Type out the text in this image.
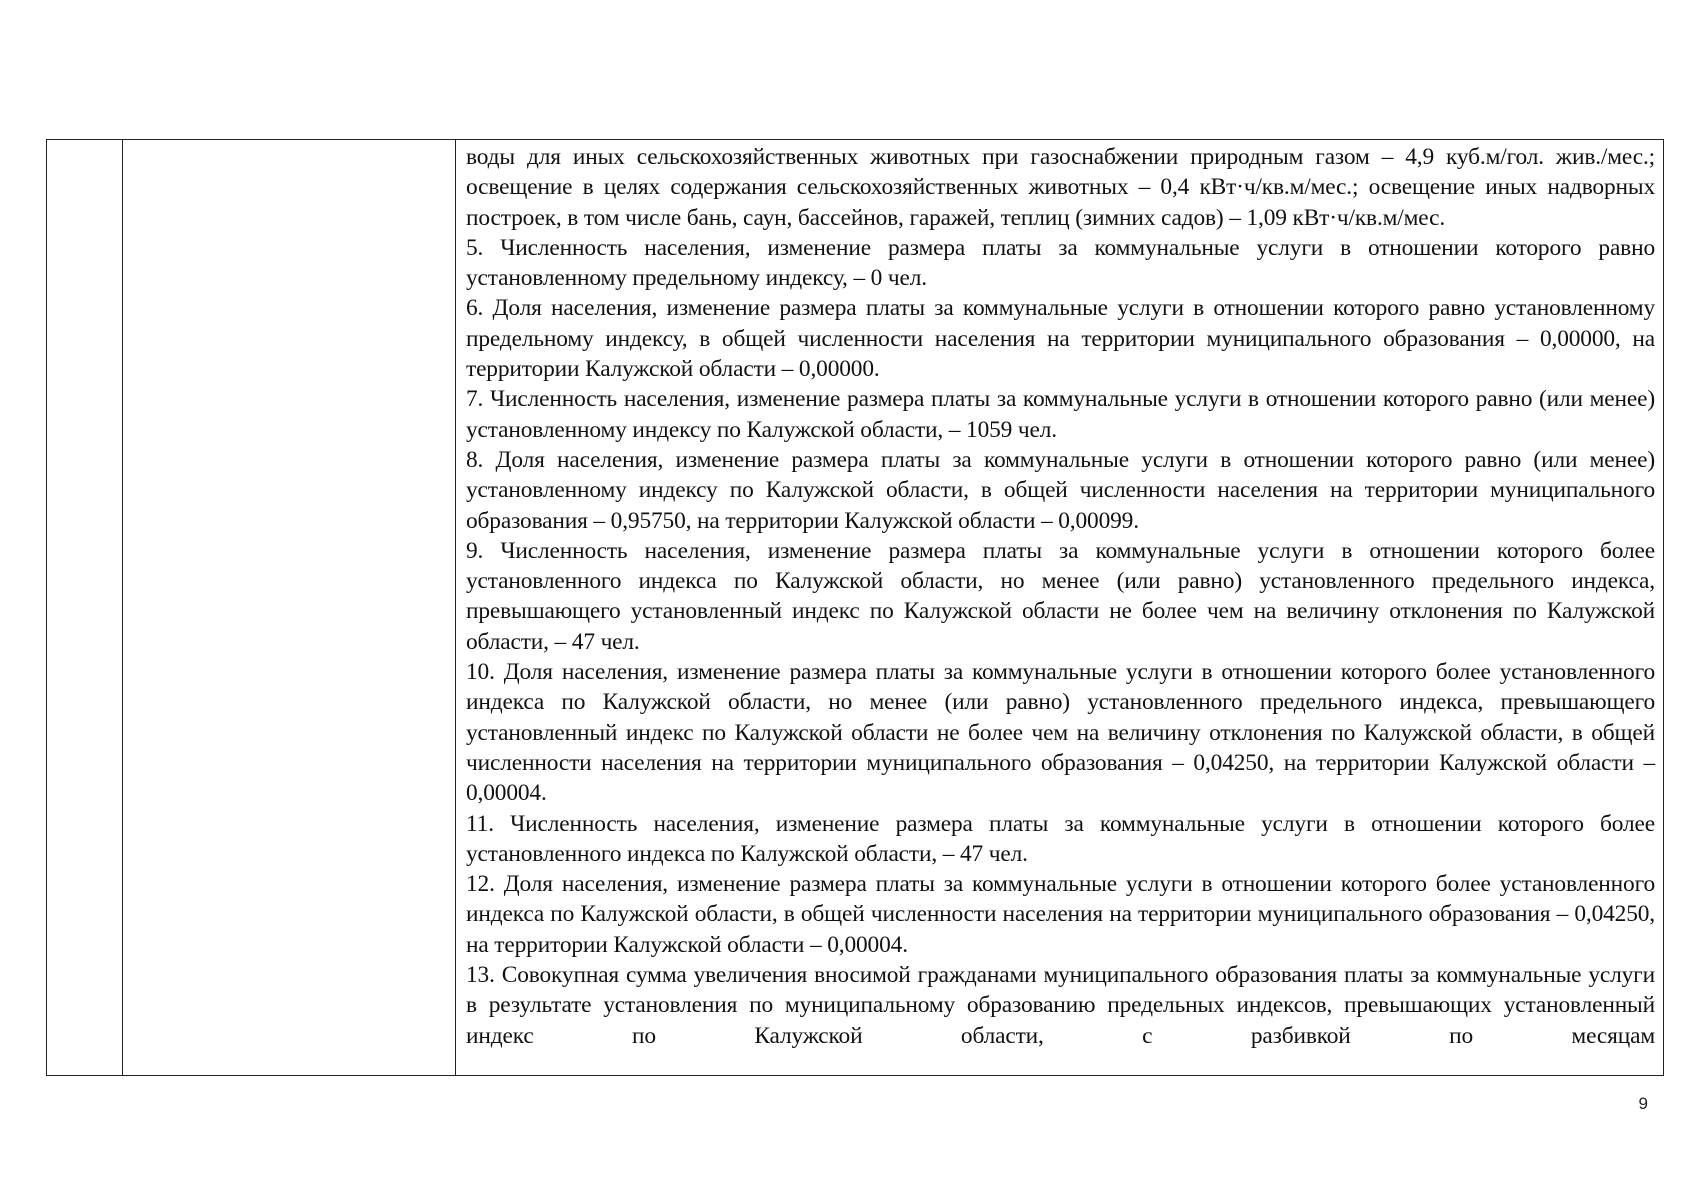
воды для иных сельскохозяйственных животных при газоснабжении природным газом – 4,9 куб.м/гол. жив./мес.; освещение в целях содержания сельскохозяйственных животных – 0,4 кВт·ч/кв.м/мес.; освещение иных надворных построек, в том числе бань, саун, бассейнов, гаражей, теплиц (зимних садов) – 1,09 кВт·ч/кв.м/мес.

5. Численность населения, изменение размера платы за коммунальные услуги в отношении которого равно установленному предельному индексу, – 0 чел.

6. Доля населения, изменение размера платы за коммунальные услуги в отношении которого равно установленному предельному индексу, в общей численности населения на территории муниципального образования – 0,00000, на территории Калужской области – 0,00000.

7. Численность населения, изменение размера платы за коммунальные услуги в отношении которого равно (или менее) установленному индексу по Калужской области, – 1059 чел.

8. Доля населения, изменение размера платы за коммунальные услуги в отношении которого равно (или менее) установленному индексу по Калужской области, в общей численности населения на территории муниципального образования – 0,95750, на территории Калужской области – 0,00099.

9. Численность населения, изменение размера платы за коммунальные услуги в отношении которого более установленного индекса по Калужской области, но менее (или равно) установленного предельного индекса, превышающего установленный индекс по Калужской области не более чем на величину отклонения по Калужской области, – 47 чел.

10. Доля населения, изменение размера платы за коммунальные услуги в отношении которого более установленного индекса по Калужской области, но менее (или равно) установленного предельного индекса, превышающего установленный индекс по Калужской области не более чем на величину отклонения по Калужской области, в общей численности населения на территории муниципального образования – 0,04250, на территории Калужской области – 0,00004.

11. Численность населения, изменение размера платы за коммунальные услуги в отношении которого более установленного индекса по Калужской области, – 47 чел.

12. Доля населения, изменение размера платы за коммунальные услуги в отношении которого более установленного индекса по Калужской области, в общей численности населения на территории муниципального образования – 0,04250, на территории Калужской области – 0,00004.

13. Совокупная сумма увеличения вносимой гражданами муниципального образования платы за коммунальные услуги в результате установления по муниципальному образованию предельных индексов, превышающих установленный индекс по Калужской области, с разбивкой по месяцам

9
